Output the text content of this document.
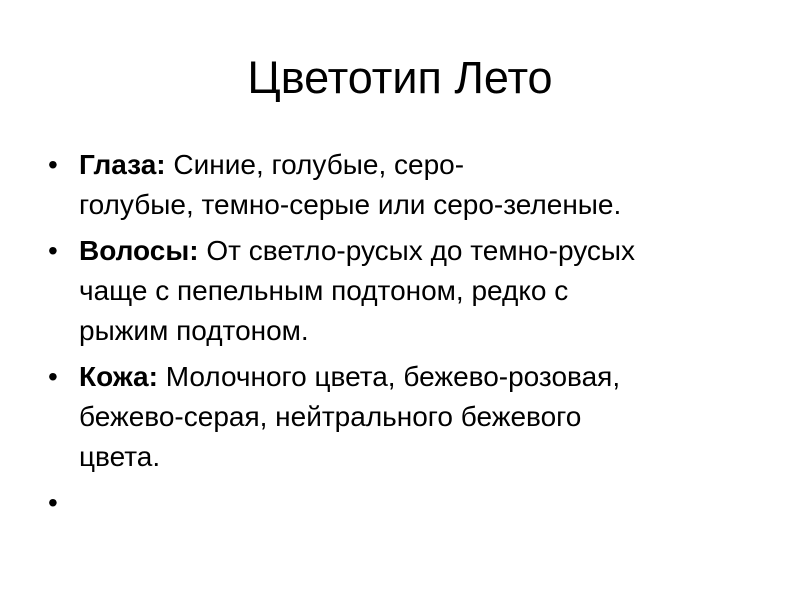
Цветотип Лето
• Глаза: Синие, голубые, серо-
голубые, темно-серые или серо-зеленые.
• Волосы: От светло-русых до темно-русых
чаще с пепельным подтоном, редко с
рыжим подтоном.
• Кожа: Молочного цвета, бежево-розовая,
бежево-серая, нейтрального бежевого
цвета.
•
